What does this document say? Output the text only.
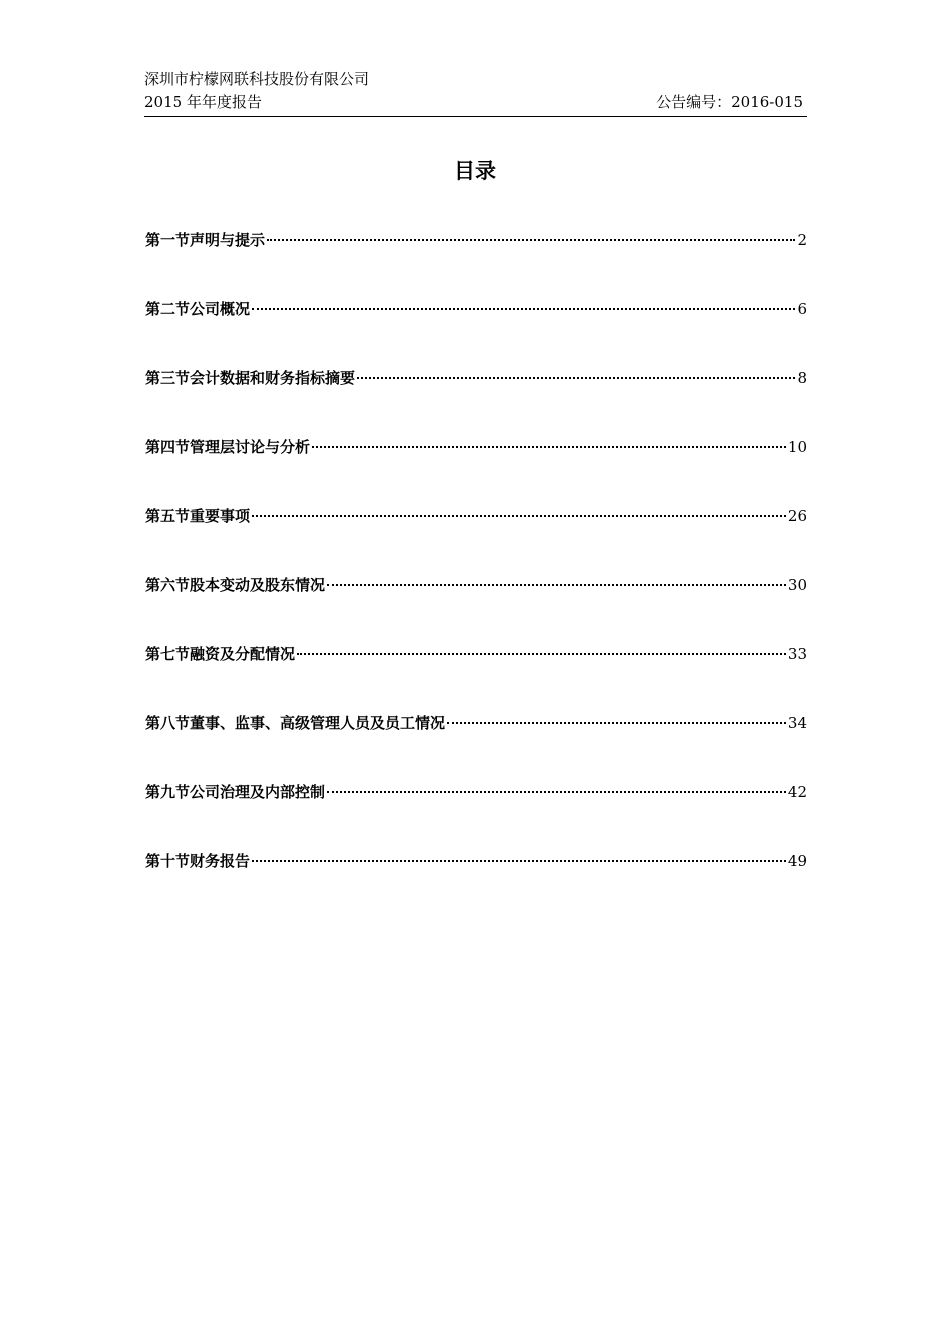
深圳市柠檬网联科技股份有限公司
2015 年年度报告	公告编号：2016-015
目录
第一节声明与提示	2
第二节公司概况	6
第三节会计数据和财务指标摘要	8
第四节管理层讨论与分析	10
第五节重要事项	26
第六节股本变动及股东情况	30
第七节融资及分配情况	33
第八节董事、监事、高级管理人员及员工情况	34
第九节公司治理及内部控制	42
第十节财务报告	49
